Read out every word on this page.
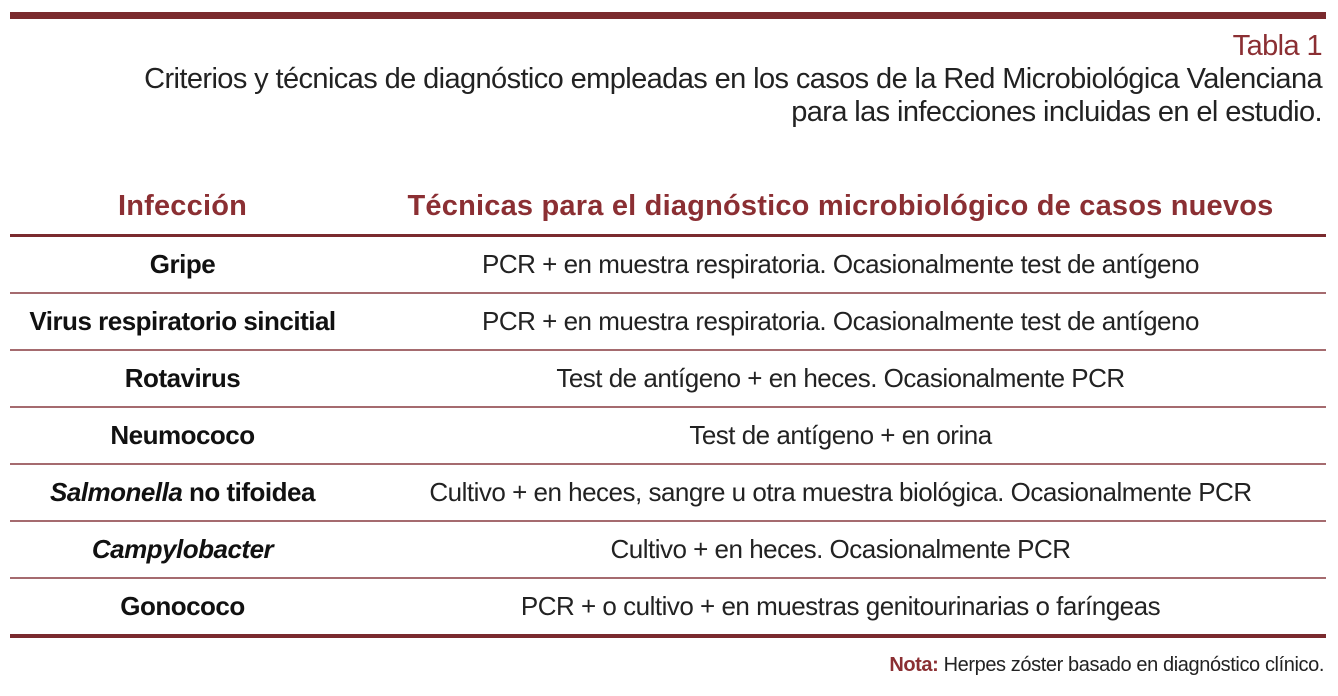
Tabla 1
Criterios y técnicas de diagnóstico empleadas en los casos de la Red Microbiológica Valenciana
para las infecciones incluidas en el estudio.
Infección	Técnicas para el diagnóstico microbiológico de casos nuevos
Gripe	PCR + en muestra respiratoria. Ocasionalmente test de antígeno
Virus respiratorio sincitial	PCR + en muestra respiratoria. Ocasionalmente test de antígeno
Rotavirus	Test de antígeno + en heces. Ocasionalmente PCR
Neumococo	Test de antígeno + en orina
Salmonella no tifoidea	Cultivo + en heces, sangre u otra muestra biológica. Ocasionalmente PCR
Campylobacter	Cultivo + en heces. Ocasionalmente PCR
Gonococo	PCR + o cultivo + en muestras genitourinarias o faríngeas
Nota: Herpes zóster basado en diagnóstico clínico.
